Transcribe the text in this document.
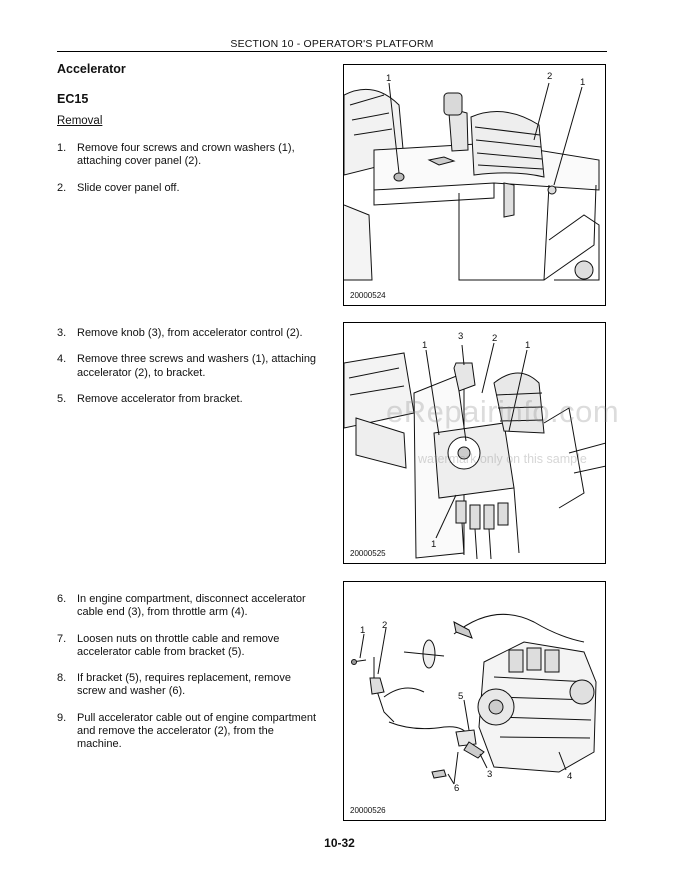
SECTION 10 - OPERATOR'S PLATFORM
Accelerator
EC15
Removal
1. Remove four screws and crown washers (1), attaching cover panel (2).
2. Slide cover panel off.
3. Remove knob (3), from accelerator control (2).
4. Remove three screws and washers (1), attaching accelerator (2), to bracket.
5. Remove accelerator from bracket.
6. In engine compartment, disconnect accelerator cable end (3), from throttle arm (4).
7. Loosen nuts on throttle cable and remove accelerator cable from bracket (5).
8. If bracket (5), requires replacement, remove screw and washer (6).
9. Pull accelerator cable out of engine compartment and remove the accelerator (2), from the machine.
1	2
1
20000524
3	2
1	1
1
20000525
1 2
5
3	4
6
20000526
eRepairinfo.com
watermark only on this sample
10-32
